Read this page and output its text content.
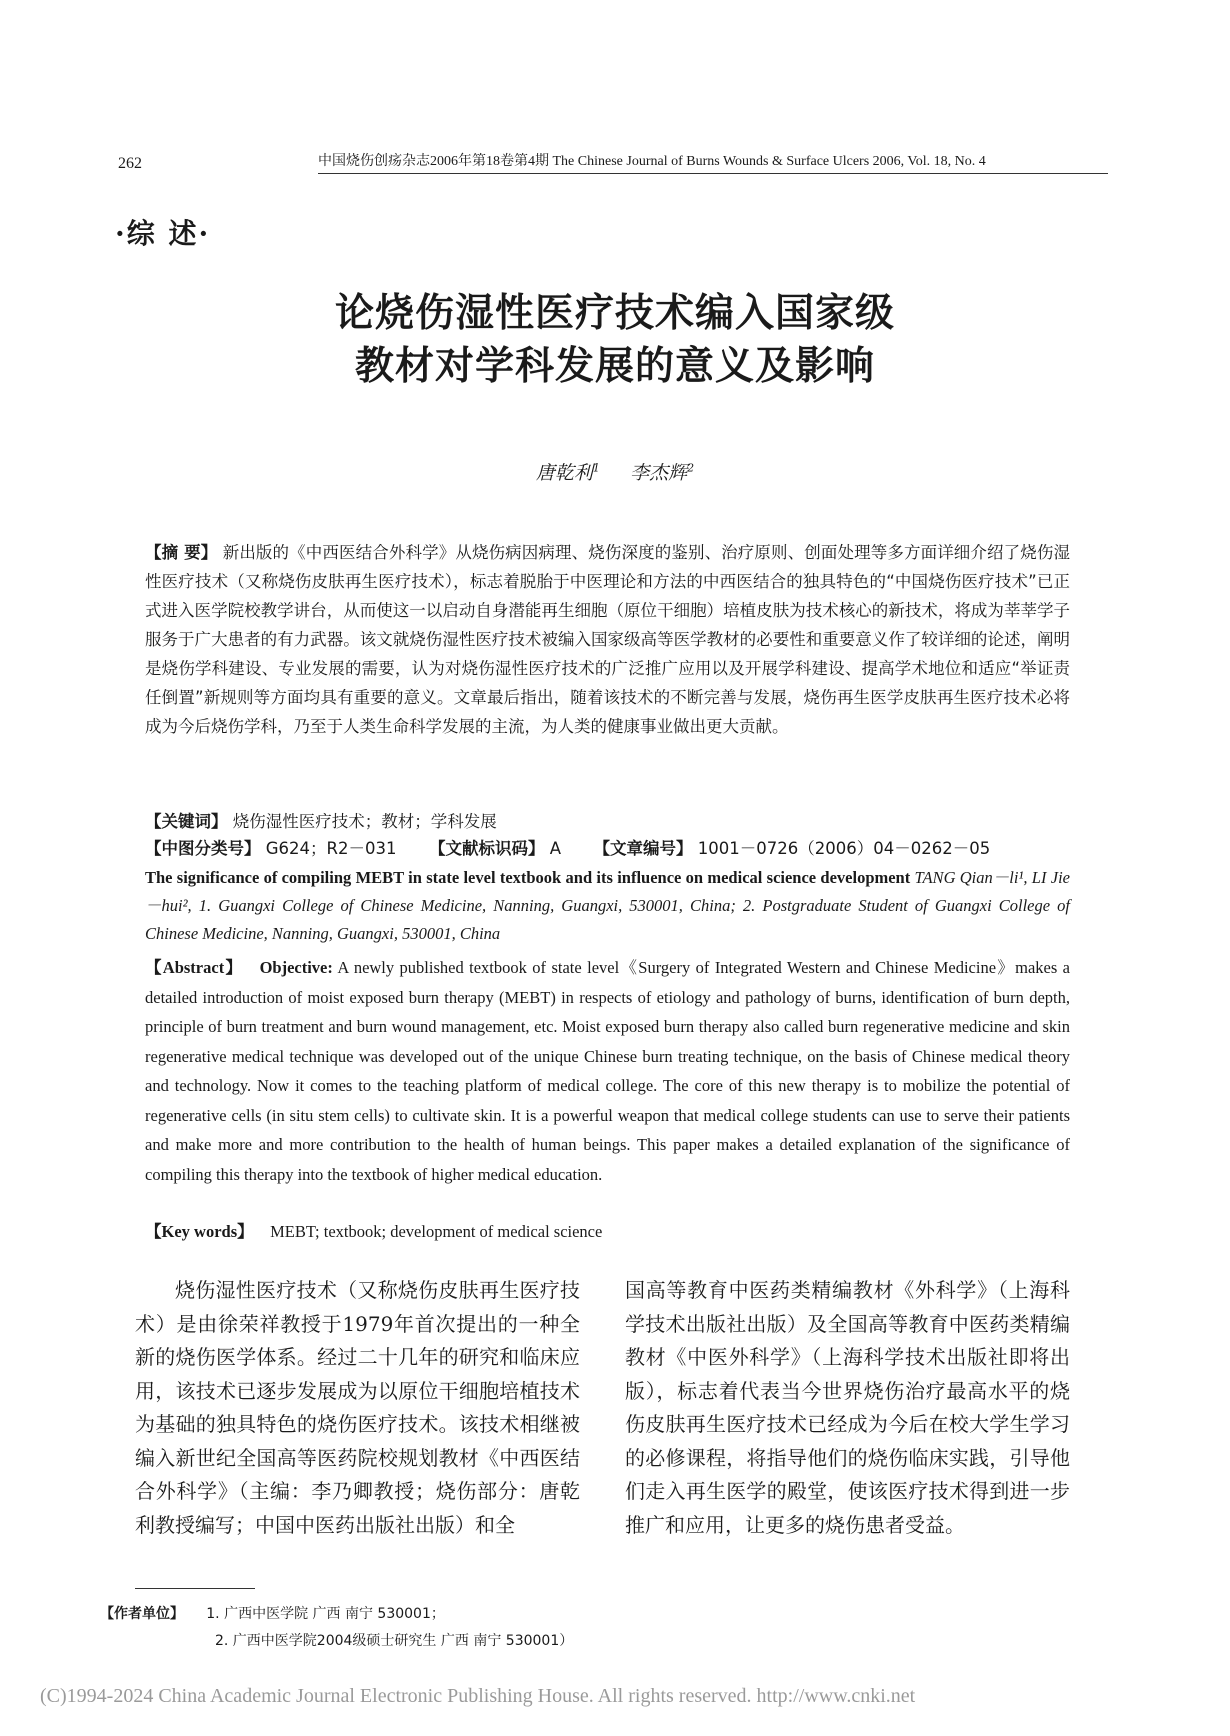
262	中国烧伤创疡杂志2006年第18卷第4期 The Chinese Journal of Burns Wounds & Surface Ulcers 2006, Vol. 18, No. 4
·综 述·
论烧伤湿性医疗技术编入国家级
教材对学科发展的意义及影响
唐乾利$^1$ 李杰辉$^2$
【摘 要】 新出版的《中西医结合外科学》从烧伤病因病理、烧伤深度的鉴别、治疗原则、创面处理等多方面详细介绍了烧伤湿性医疗技术（又称烧伤皮肤再生医疗技术），标志着脱胎于中医理论和方法的中西医结合的独具特色的“中国烧伤医疗技术”已正式进入医学院校教学讲台，从而使这一以启动自身潜能再生细胞（原位干细胞）培植皮肤为技术核心的新技术，将成为莘莘学子服务于广大患者的有力武器。该文就烧伤湿性医疗技术被编入国家级高等医学教材的必要性和重要意义作了较详细的论述，阐明是烧伤学科建设、专业发展的需要，认为对烧伤湿性医疗技术的广泛推广应用以及开展学科建设、提高学术地位和适应“举证责任倒置”新规则等方面均具有重要的意义。文章最后指出，随着该技术的不断完善与发展，烧伤再生医学皮肤再生医疗技术必将成为今后烧伤学科，乃至于人类生命科学发展的主流，为人类的健康事业做出更大贡献。
【关键词】 烧伤湿性医疗技术；教材；学科发展
【中图分类号】 G624；R2－031 【文献标识码】 A 【文章编号】 1001－0726（2006）04－0262－05
The significance of compiling MEBT in state level textbook and its influence on medical science development TANG Qian－li¹, LI Jie－hui², 1. Guangxi College of Chinese Medicine, Nanning, Guangxi, 530001, China; 2. Postgraduate Student of Guangxi College of Chinese Medicine, Nanning, Guangxi, 530001, China
【Abstract】 Objective: A newly published textbook of state level《Surgery of Integrated Western and Chinese Medicine》makes a detailed introduction of moist exposed burn therapy (MEBT) in respects of etiology and pathology of burns, identification of burn depth, principle of burn treatment and burn wound management, etc. Moist exposed burn therapy also called burn regenerative medicine and skin regenerative medical technique was developed out of the unique Chinese burn treating technique, on the basis of Chinese medical theory and technology. Now it comes to the teaching platform of medical college. The core of this new therapy is to mobilize the potential of regenerative cells (in situ stem cells) to cultivate skin. It is a powerful weapon that medical college students can use to serve their patients and make more and more contribution to the health of human beings. This paper makes a detailed explanation of the significance of compiling this therapy into the textbook of higher medical education.
【Key words】 MEBT; textbook; development of medical science
烧伤湿性医疗技术（又称烧伤皮肤再生医疗技术）是由徐荣祥教授于1979年首次提出的一种全新的烧伤医学体系。经过二十几年的研究和临床应用，该技术已逐步发展成为以原位干细胞培植技术为基础的独具特色的烧伤医疗技术。该技术相继被编入新世纪全国高等医药院校规划教材《中西医结合外科学》（主编：李乃卿教授；烧伤部分：唐乾利教授编写；中国中医药出版社出版）和全
国高等教育中医药类精编教材《外科学》（上海科学技术出版社出版）及全国高等教育中医药类精编教材《中医外科学》（上海科学技术出版社即将出版），标志着代表当今世界烧伤治疗最高水平的烧伤皮肤再生医疗技术已经成为今后在校大学生学习的必修课程，将指导他们的烧伤临床实践，引导他们走入再生医学的殿堂，使该医疗技术得到进一步推广和应用，让更多的烧伤患者受益。
【作者单位】 1. 广西中医学院 广西 南宁 530001；
2. 广西中医学院2004级硕士研究生 广西 南宁 530001）
(C)1994-2024 China Academic Journal Electronic Publishing House. All rights reserved. http://www.cnki.net
